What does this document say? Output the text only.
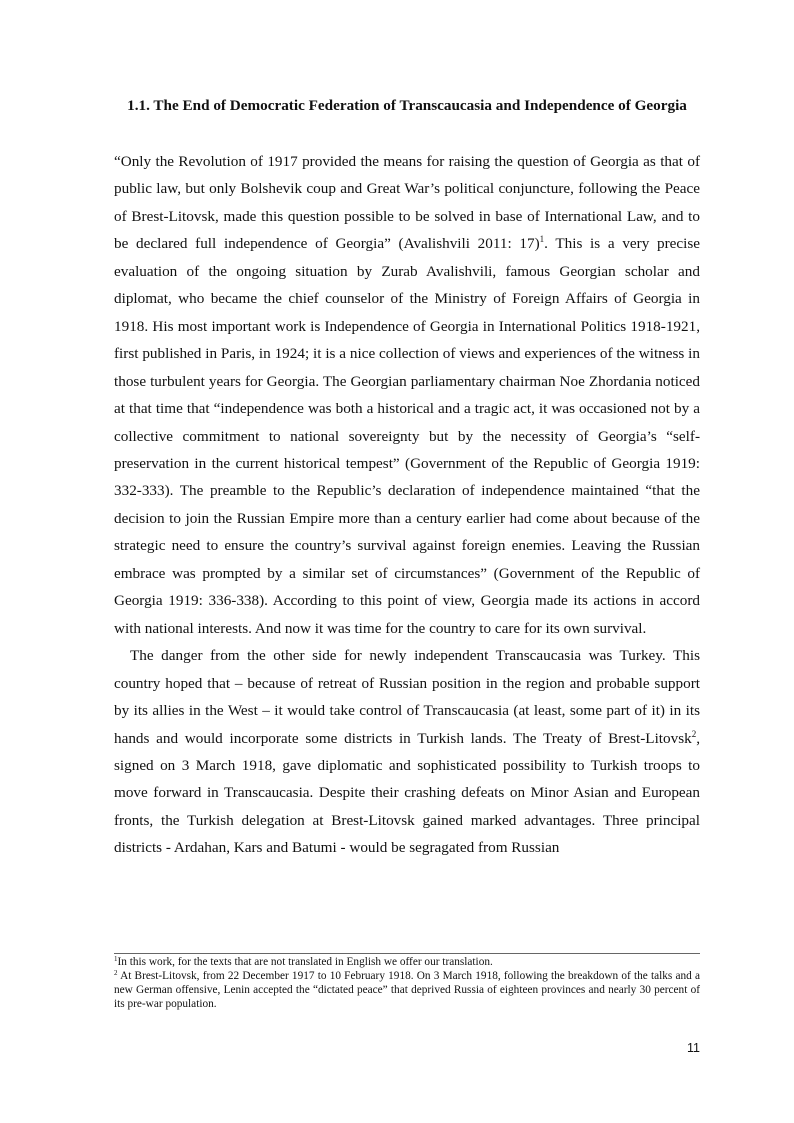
1.1. The End of Democratic Federation of Transcaucasia and Independence of Georgia

“Only the Revolution of 1917 provided the means for raising the question of Georgia as that of public law, but only Bolshevik coup and Great War’s political conjuncture, following the Peace of Brest-Litovsk, made this question possible to be solved in base of International Law, and to be declared full independence of Georgia” (Avalishvili 2011: 17)$^1$. This is a very precise evaluation of the ongoing situation by Zurab Avalishvili, famous Georgian scholar and diplomat, who became the chief counselor of the Ministry of Foreign Affairs of Georgia in 1918. His most important work is Independence of Georgia in International Politics 1918-1921, first published in Paris, in 1924; it is a nice collection of views and experiences of the witness in those turbulent years for Georgia. The Georgian parliamentary chairman Noe Zhordania noticed at that time that “independence was both a historical and a tragic act, it was occasioned not by a collective commitment to national sovereignty but by the necessity of Georgia’s “self-preservation in the current historical tempest” (Government of the Republic of Georgia 1919: 332-333). The preamble to the Republic’s declaration of independence maintained “that the decision to join the Russian Empire more than a century earlier had come about because of the strategic need to ensure the country’s survival against foreign enemies. Leaving the Russian embrace was prompted by a similar set of circumstances” (Government of the Republic of Georgia 1919: 336-338). According to this point of view, Georgia made its actions in accord with national interests. And now it was time for the country to care for its own survival.

The danger from the other side for newly independent Transcaucasia was Turkey. This country hoped that – because of retreat of Russian position in the region and probable support by its allies in the West – it would take control of Transcaucasia (at least, some part of it) in its hands and would incorporate some districts in Turkish lands. The Treaty of Brest-Litovsk$^2$, signed on 3 March 1918, gave diplomatic and sophisticated possibility to Turkish troops to move forward in Transcaucasia. Despite their crashing defeats on Minor Asian and European fronts, the Turkish delegation at Brest-Litovsk gained marked advantages. Three principal districts - Ardahan, Kars and Batumi - would be segragated from Russian

$^1$In this work, for the texts that are not translated in English we offer our translation.

$^2$ At Brest-Litovsk, from 22 December 1917 to 10 February 1918. On 3 March 1918, following the breakdown of the talks and a new German offensive, Lenin accepted the “dictated peace” that deprived Russia of eighteen provinces and nearly 30 percent of its pre-war population.

11
